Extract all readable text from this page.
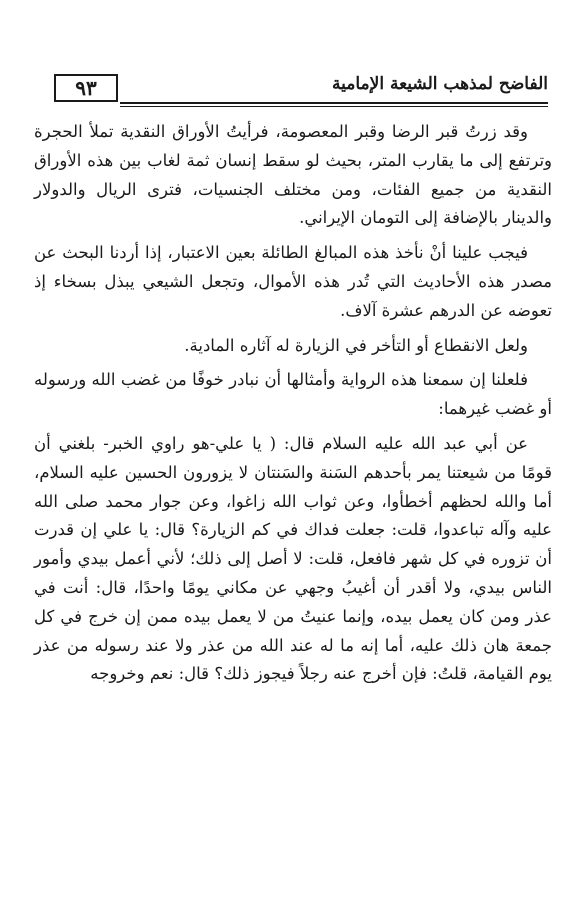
٩٣	الفاضح لمذهب الشيعة الإمامية

وقد زرتُ قبر الرضا وقبر المعصومة، فرأيتُ الأوراق النقدية تملأ الحجرة وترتفع إلى ما يقارب المتر، بحيث لو سقط إنسان ثمة لغاب بين هذه الأوراق النقدية من جميع الفئات، ومن مختلف الجنسيات، فترى الريال والدولار والدينار بالإضافة إلى التومان الإيراني.

فيجب علينا أنْ نأخذ هذه المبالغ الطائلة بعين الاعتبار، إذا أردنا البحث عن مصدر هذه الأحاديث التي تُدر هذه الأموال، وتجعل الشيعي يبذل بسخاء إذ تعوضه عن الدرهم عشرة آلاف.

ولعل الانقطاع أو التأخر في الزيارة له آثاره المادية.

فلعلنا إن سمعنا هذه الرواية وأمثالها أن نبادر خوفًا من غضب الله ورسوله أو غضب غيرهما:

عن أبي عبد الله عليه السلام قال: ( يا علي-هو راوي الخبر- بلغني أن قومًا من شيعتنا يمر بأحدهم السَنة والسَنتان لا يزورون الحسين عليه السلام، أما والله لحظهم أخطأوا، وعن ثواب الله زاغوا، وعن جوار محمد صلى الله عليه وآله تباعدوا، قلت: جعلت فداك في كم الزيارة؟ قال: يا علي إن قدرت أن تزوره في كل شهر فافعل، قلت: لا أصل إلى ذلك؛ لأني أعمل بيدي وأمور الناس بيدي، ولا أقدر أن أغيبُ وجهي عن مكاني يومًا واحدًا، قال: أنت في عذر ومن كان يعمل بيده، وإنما عنيتُ من لا يعمل بيده ممن إن خرج في كل جمعة هان ذلك عليه، أما إنه ما له عند الله من عذر ولا عند رسوله من عذر يوم القيامة، قلتُ: فإن أخرج عنه رجلاً فيجوز ذلك؟ قال: نعم وخروجه
